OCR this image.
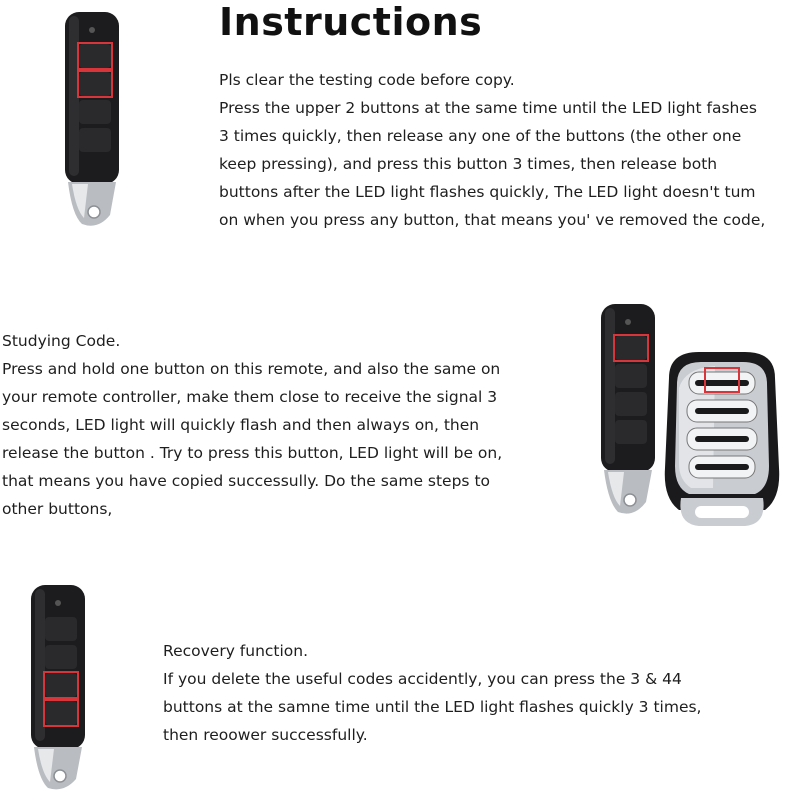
Instructions
Pls clear the testing code before copy.
Press the upper 2 buttons at the same time until the LED light fashes
3 times quickly, then release any one of the buttons (the other one
keep pressing), and press this button 3 times, then release both
buttons after the LED light flashes quickly, The LED light doesn't tum
on when you press any button, that means you' ve removed the code,
Studying Code.
Press and hold one button on this remote, and also the same on
your remote controller, make them close to receive the signal 3
seconds, LED light will quickly flash and then always on, then
release the button . Try to press this button, LED light will be on,
that means you have copied successully. Do the same steps to
other buttons,
Recovery function.
If you delete the useful codes accidently, you can press the 3 & 44
buttons at the samne time until the LED light flashes quickly 3 times,
then reoower successfully.
